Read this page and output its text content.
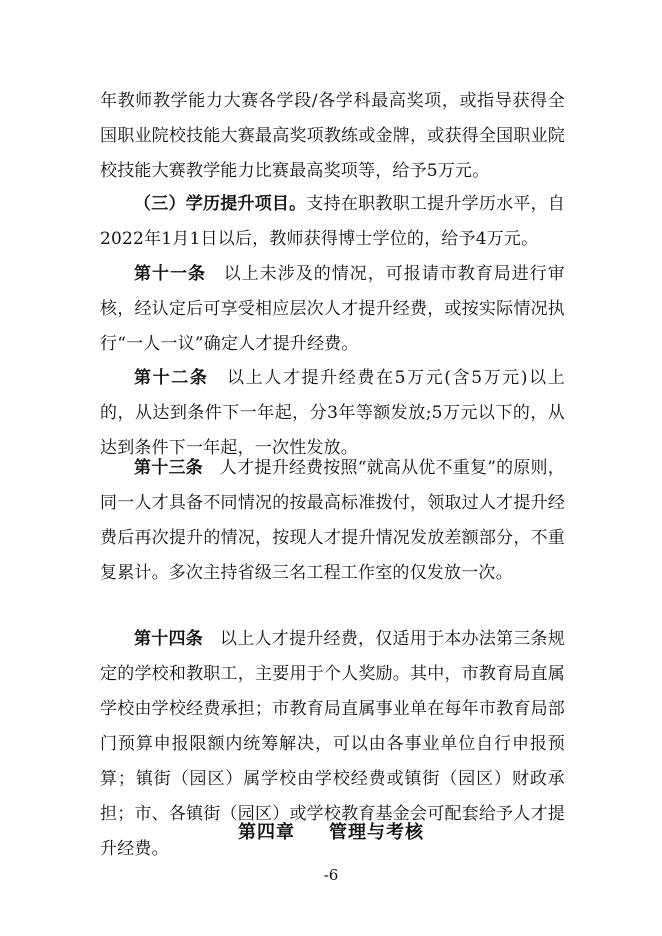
年教师教学能力大赛各学段/各学科最高奖项，或指导获得全国职业院校技能大赛最高奖项教练或金牌，或获得全国职业院校技能大赛教学能力比赛最高奖项等，给予5万元。
（三）学历提升项目。支持在职教职工提升学历水平，自2022年1月1日以后，教师获得博士学位的，给予4万元。
第十一条 以上未涉及的情况，可报请市教育局进行审核，经认定后可享受相应层次人才提升经费，或按实际情况执行“一人一议”确定人才提升经费。
第十二条 以上人才提升经费在5万元(含5万元)以上的，从达到条件下一年起，分3年等额发放;5万元以下的，从达到条件下一年起，一次性发放。
第十三条 人才提升经费按照“就高从优不重复”的原则，同一人才具备不同情况的按最高标准拨付，领取过人才提升经费后再次提升的情况，按现人才提升情况发放差额部分，不重复累计。多次主持省级三名工程工作室的仅发放一次。
第十四条 以上人才提升经费，仅适用于本办法第三条规定的学校和教职工，主要用于个人奖励。其中，市教育局直属学校由学校经费承担；市教育局直属事业单在每年市教育局部门预算申报限额内统筹解决，可以由各事业单位自行申报预算；镇街（园区）属学校由学校经费或镇街（园区）财政承担；市、各镇街（园区）或学校教育基金会可配套给予人才提升经费。
第四章 管理与考核
-6
